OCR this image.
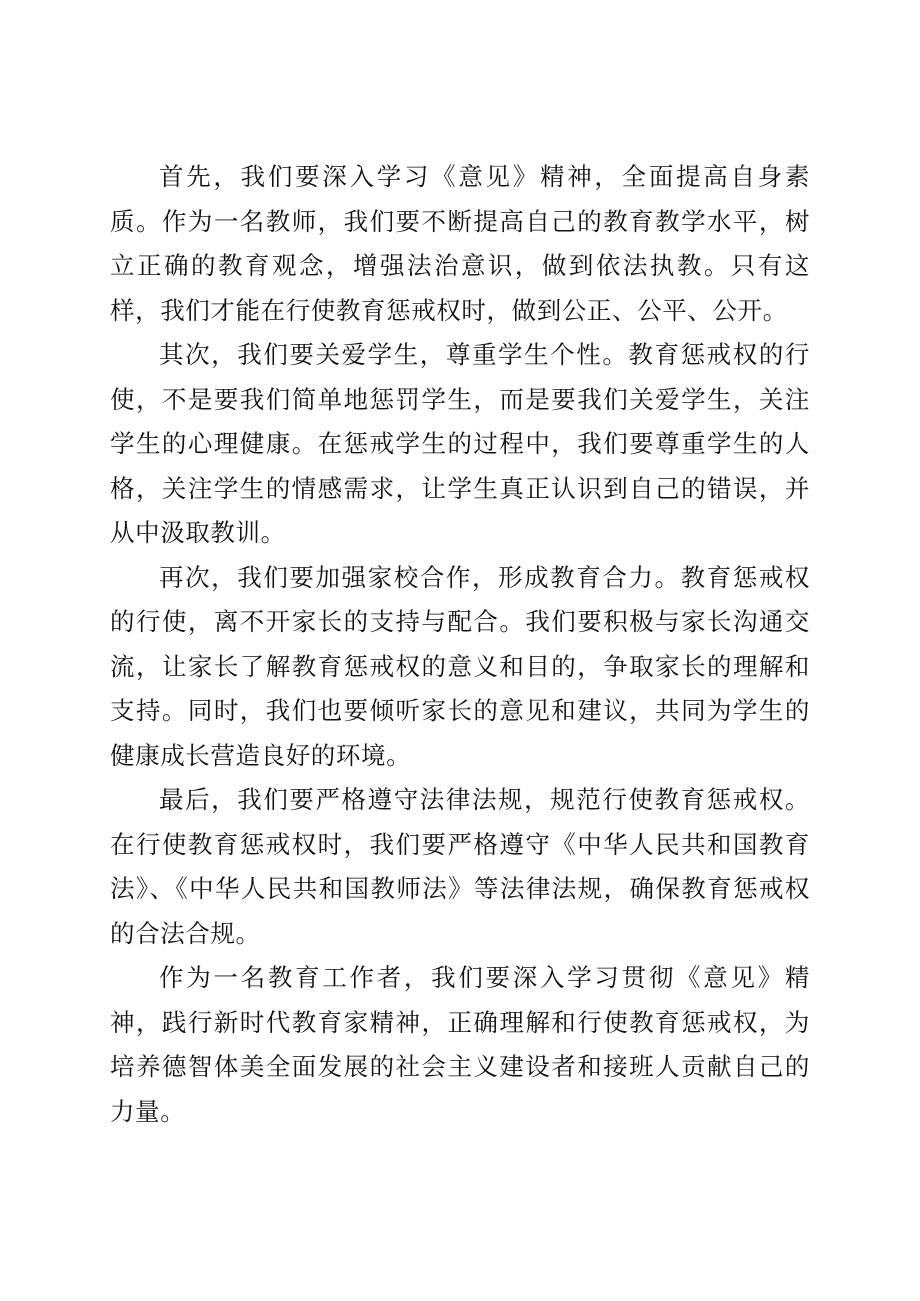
首先，我们要深入学习《意见》精神，全面提高自身素质。作为一名教师，我们要不断提高自己的教育教学水平，树立正确的教育观念，增强法治意识，做到依法执教。只有这样，我们才能在行使教育惩戒权时，做到公正、公平、公开。

其次，我们要关爱学生，尊重学生个性。教育惩戒权的行使，不是要我们简单地惩罚学生，而是要我们关爱学生，关注学生的心理健康。在惩戒学生的过程中，我们要尊重学生的人格，关注学生的情感需求，让学生真正认识到自己的错误，并从中汲取教训。

再次，我们要加强家校合作，形成教育合力。教育惩戒权的行使，离不开家长的支持与配合。我们要积极与家长沟通交流，让家长了解教育惩戒权的意义和目的，争取家长的理解和支持。同时，我们也要倾听家长的意见和建议，共同为学生的健康成长营造良好的环境。

最后，我们要严格遵守法律法规，规范行使教育惩戒权。在行使教育惩戒权时，我们要严格遵守《中华人民共和国教育法》、《中华人民共和国教师法》等法律法规，确保教育惩戒权的合法合规。

作为一名教育工作者，我们要深入学习贯彻《意见》精神，践行新时代教育家精神，正确理解和行使教育惩戒权，为培养德智体美全面发展的社会主义建设者和接班人贡献自己的力量。
